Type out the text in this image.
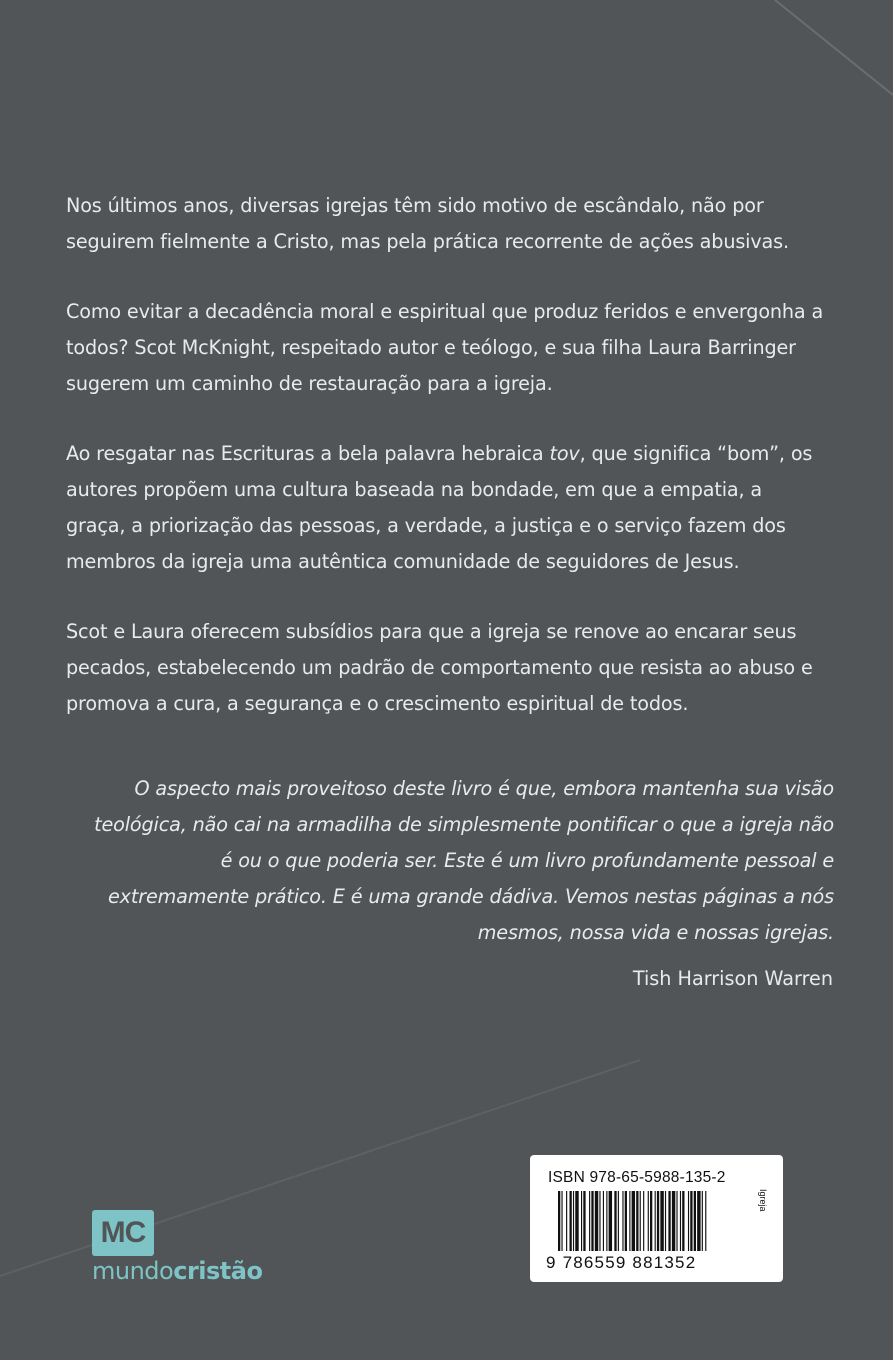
Nos últimos anos, diversas igrejas têm sido motivo de escândalo, não por seguirem fielmente a Cristo, mas pela prática recorrente de ações abusivas.

Como evitar a decadência moral e espiritual que produz feridos e envergonha a todos? Scot McKnight, respeitado autor e teólogo, e sua filha Laura Barringer sugerem um caminho de restauração para a igreja.

Ao resgatar nas Escrituras a bela palavra hebraica tov, que significa “bom”, os autores propõem uma cultura baseada na bondade, em que a empatia, a graça, a priorização das pessoas, a verdade, a justiça e o serviço fazem dos membros da igreja uma autêntica comunidade de seguidores de Jesus.

Scot e Laura oferecem subsídios para que a igreja se renove ao encarar seus pecados, estabelecendo um padrão de comportamento que resista ao abuso e promova a cura, a segurança e o crescimento espiritual de todos.

O aspecto mais proveitoso deste livro é que, embora mantenha sua visão teológica, não cai na armadilha de simplesmente pontificar o que a igreja não é ou o que poderia ser. Este é um livro profundamente pessoal e extremamente prático. E é uma grande dádiva. Vemos nestas páginas a nós mesmos, nossa vida e nossas igrejas.
Tish Harrison Warren
ISBN 978-65-5988-135-2
9 786559 881352
Igreja
MC
mundocristão
